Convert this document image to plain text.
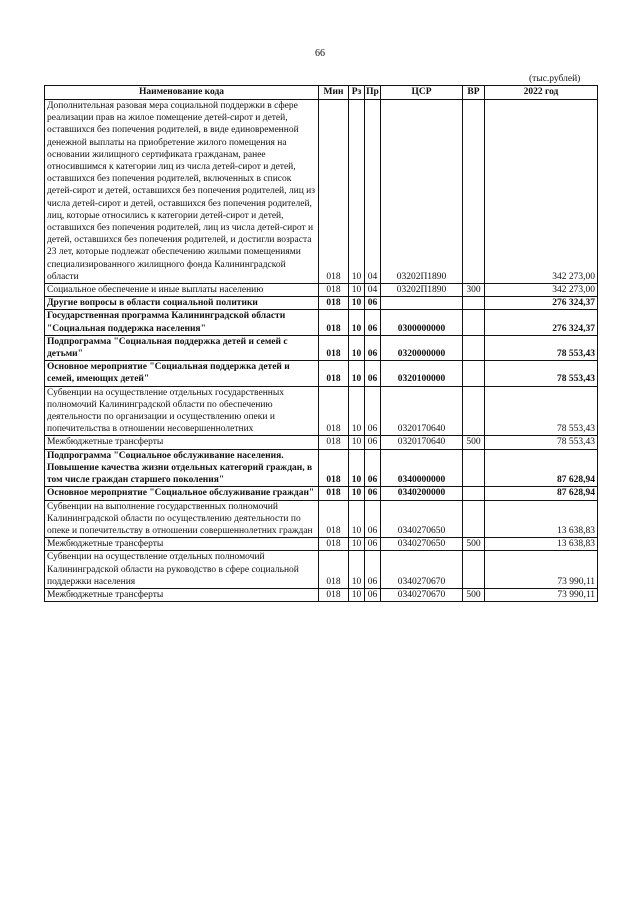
66
(тыс.рублей)
Наименование кода	Мин	Рз	Пр	ЦСР	ВР	2022 год
Дополнительная разовая мера социальной поддержки в сфере реализации прав на жилое помещение детей-сирот и детей, оставшихся без попечения родителей, в виде единовременной денежной выплаты на приобретение жилого помещения на основании жилищного сертификата гражданам, ранее относившимся к категории лиц из числа детей-сирот и детей, оставшихся без попечения родителей, включенных в список детей-сирот и детей, оставшихся без попечения родителей, лиц из числа детей-сирот и детей, оставшихся без попечения родителей, лиц, которые относились к категории детей-сирот и детей, оставшихся без попечения родителей, лиц из числа детей-сирот и детей, оставшихся без попечения родителей, и достигли возраста 23 лет, которые подлежат обеспечению жилыми помещениями специализированного жилищного фонда Калининградской области	018	10	04	03202П1890		342 273,00
Социальное обеспечение и иные выплаты населению	018	10	04	03202П1890	300	342 273,00
Другие вопросы в области социальной политики	018	10	06			276 324,37
Государственная программа Калининградской области "Социальная поддержка населения"	018	10	06	0300000000		276 324,37
Подпрограмма "Социальная поддержка детей и семей с детьми"	018	10	06	0320000000		78 553,43
Основное мероприятие "Социальная поддержка детей и семей, имеющих детей"	018	10	06	0320100000		78 553,43
Субвенции на осуществление отдельных государственных полномочий Калининградской области по обеспечению деятельности по организации и осуществлению опеки и попечительства в отношении несовершеннолетних	018	10	06	0320170640		78 553,43
Межбюджетные трансферты	018	10	06	0320170640	500	78 553,43
Подпрограмма "Социальное обслуживание населения. Повышение качества жизни отдельных категорий граждан, в том числе граждан старшего поколения"	018	10	06	0340000000		87 628,94
Основное мероприятие "Социальное обслуживание граждан"	018	10	06	0340200000		87 628,94
Субвенции на выполнение государственных полномочий Калининградской области по осуществлению деятельности по опеке и попечительству в отношении совершеннолетних граждан	018	10	06	0340270650		13 638,83
Межбюджетные трансферты	018	10	06	0340270650	500	13 638,83
Субвенции на осуществление отдельных полномочий Калининградской области на руководство в сфере социальной поддержки населения	018	10	06	0340270670		73 990,11
Межбюджетные трансферты	018	10	06	0340270670	500	73 990,11
